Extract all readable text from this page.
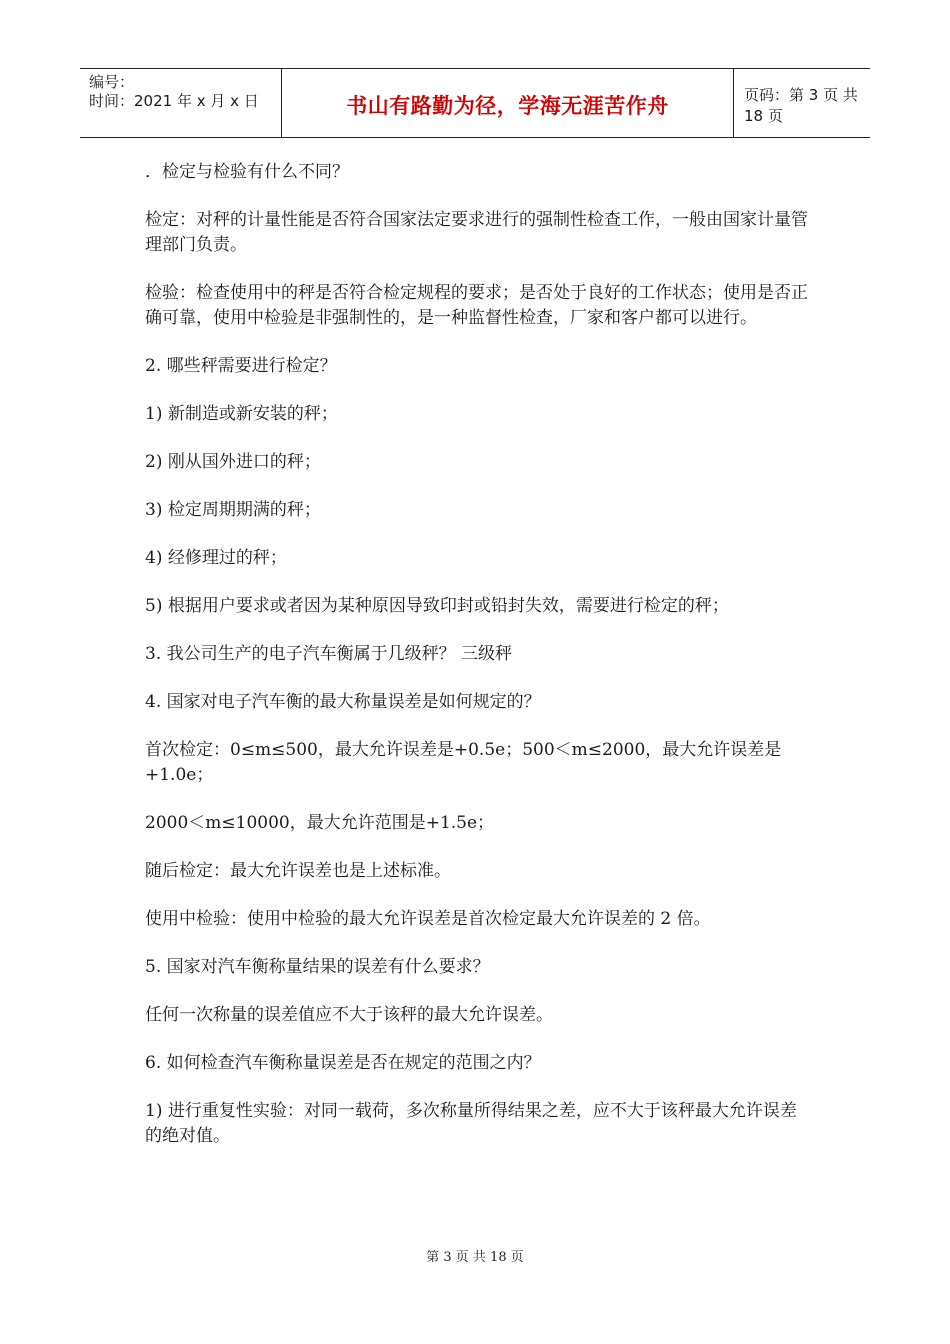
编号：
时间：2021 年 x 月 x 日	书山有路勤为径，学海无涯苦作舟	页码：第 3 页 共 18 页

．检定与检验有什么不同？

检定：对秤的计量性能是否符合国家法定要求进行的强制性检查工作，一般由国家计量管理部门负责。

检验：检查使用中的秤是否符合检定规程的要求；是否处于良好的工作状态；使用是否正确可靠，使用中检验是非强制性的，是一种监督性检查，厂家和客户都可以进行。

2. 哪些秤需要进行检定？

1) 新制造或新安装的秤；

2) 刚从国外进口的秤；

3) 检定周期期满的秤；

4) 经修理过的秤；

5) 根据用户要求或者因为某种原因导致印封或铅封失效，需要进行检定的秤；

3. 我公司生产的电子汽车衡属于几级秤？ 三级秤

4. 国家对电子汽车衡的最大称量误差是如何规定的？

首次检定：0≤m≤500，最大允许误差是+0.5e；500＜m≤2000，最大允许误差是+1.0e；

2000＜m≤10000，最大允许范围是+1.5e；

随后检定：最大允许误差也是上述标准。

使用中检验：使用中检验的最大允许误差是首次检定最大允许误差的 2 倍。

5. 国家对汽车衡称量结果的误差有什么要求？

任何一次称量的误差值应不大于该秤的最大允许误差。

6. 如何检查汽车衡称量误差是否在规定的范围之内？

1) 进行重复性实验：对同一载荷，多次称量所得结果之差，应不大于该秤最大允许误差的绝对值。

第 3 页 共 18 页
